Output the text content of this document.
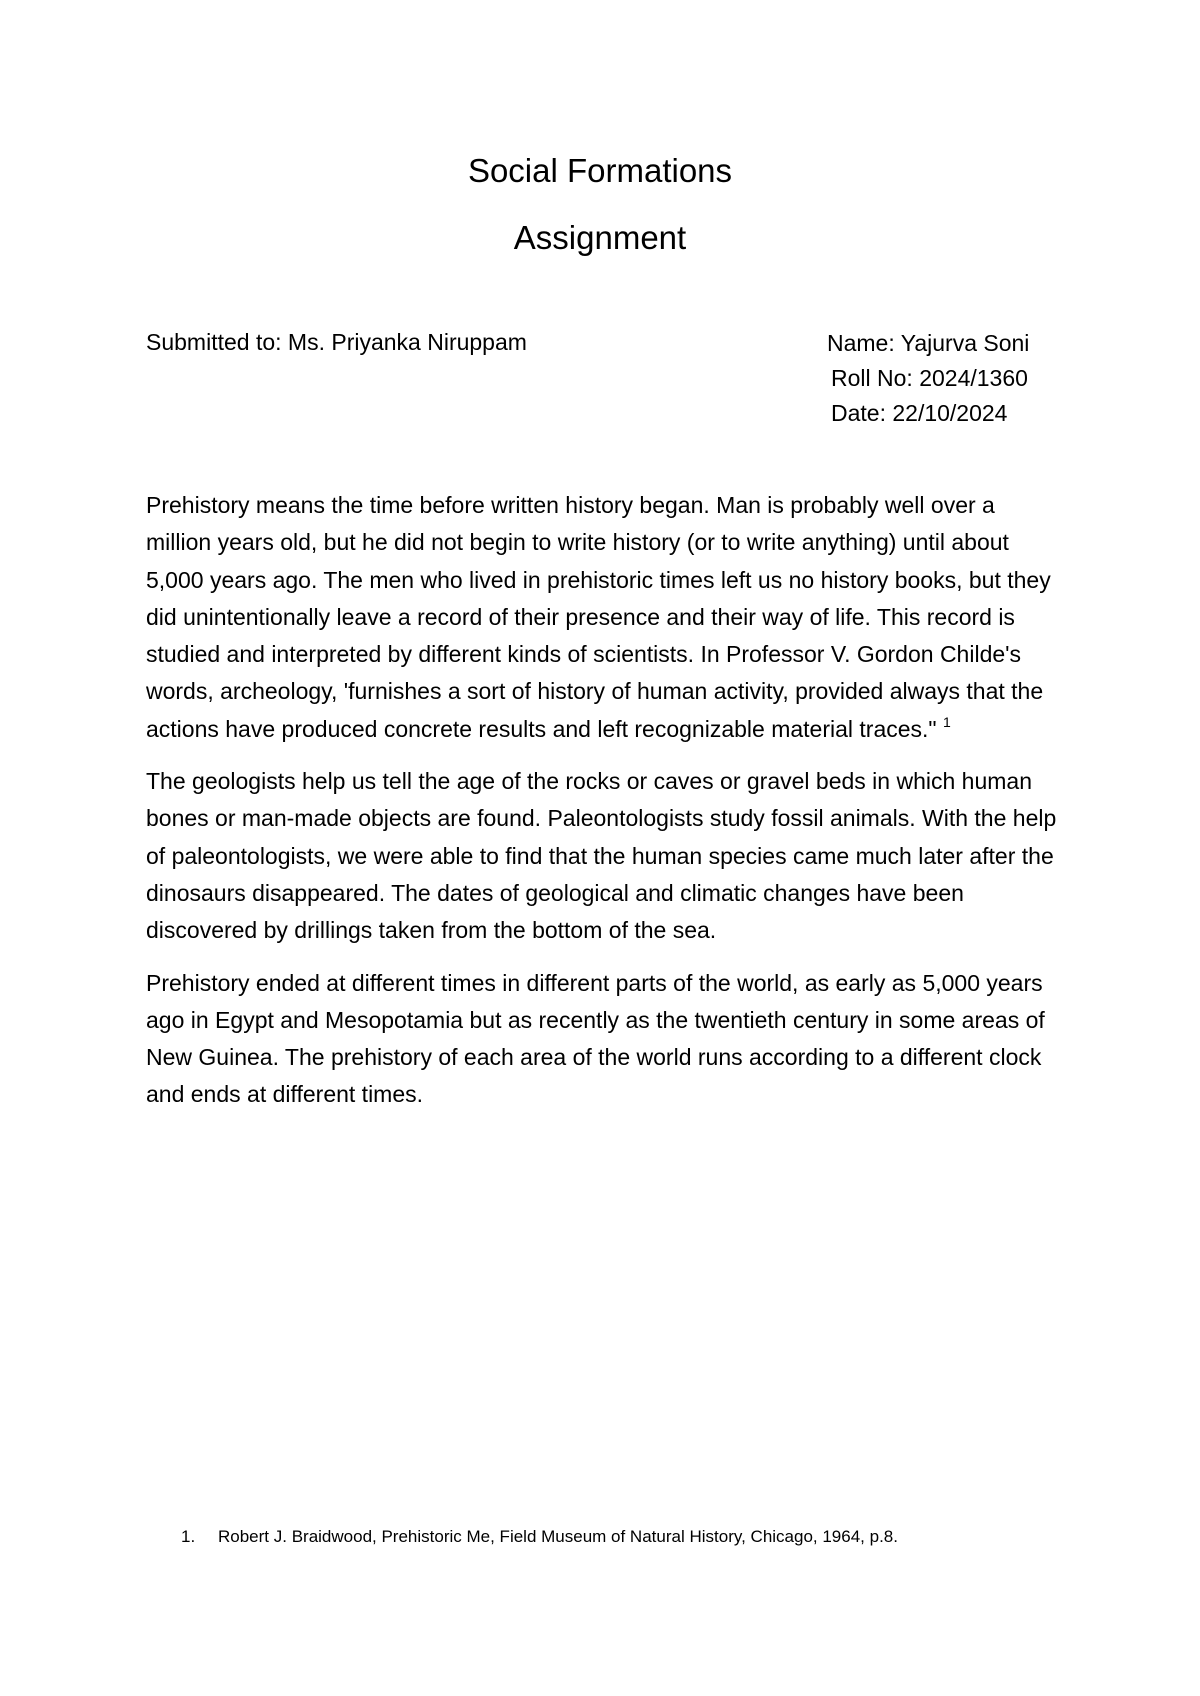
Social Formations
Assignment
Submitted to: Ms. Priyanka Niruppam	Name: Yajurva Soni
Roll No: 2024/1360
Date: 22/10/2024

Prehistory means the time before written history began. Man is probably well over a million years old, but he did not begin to write history (or to write anything) until about 5,000 years ago. The men who lived in prehistoric times left us no history books, but they did unintentionally leave a record of their presence and their way of life. This record is studied and interpreted by different kinds of scientists. In Professor V. Gordon Childe's words, archeology, 'furnishes a sort of history of human activity, provided always that the actions have produced concrete results and left recognizable material traces." $^1$

The geologists help us tell the age of the rocks or caves or gravel beds in which human bones or man-made objects are found. Paleontologists study fossil animals. With the help of paleontologists, we were able to find that the human species came much later after the dinosaurs disappeared. The dates of geological and climatic changes have been discovered by drillings taken from the bottom of the sea.

Prehistory ended at different times in different parts of the world, as early as 5,000 years ago in Egypt and Mesopotamia but as recently as the twentieth century in some areas of New Guinea. The prehistory of each area of the world runs according to a different clock and ends at different times.

1. Robert J. Braidwood, Prehistoric Me, Field Museum of Natural History, Chicago, 1964, p.8.
